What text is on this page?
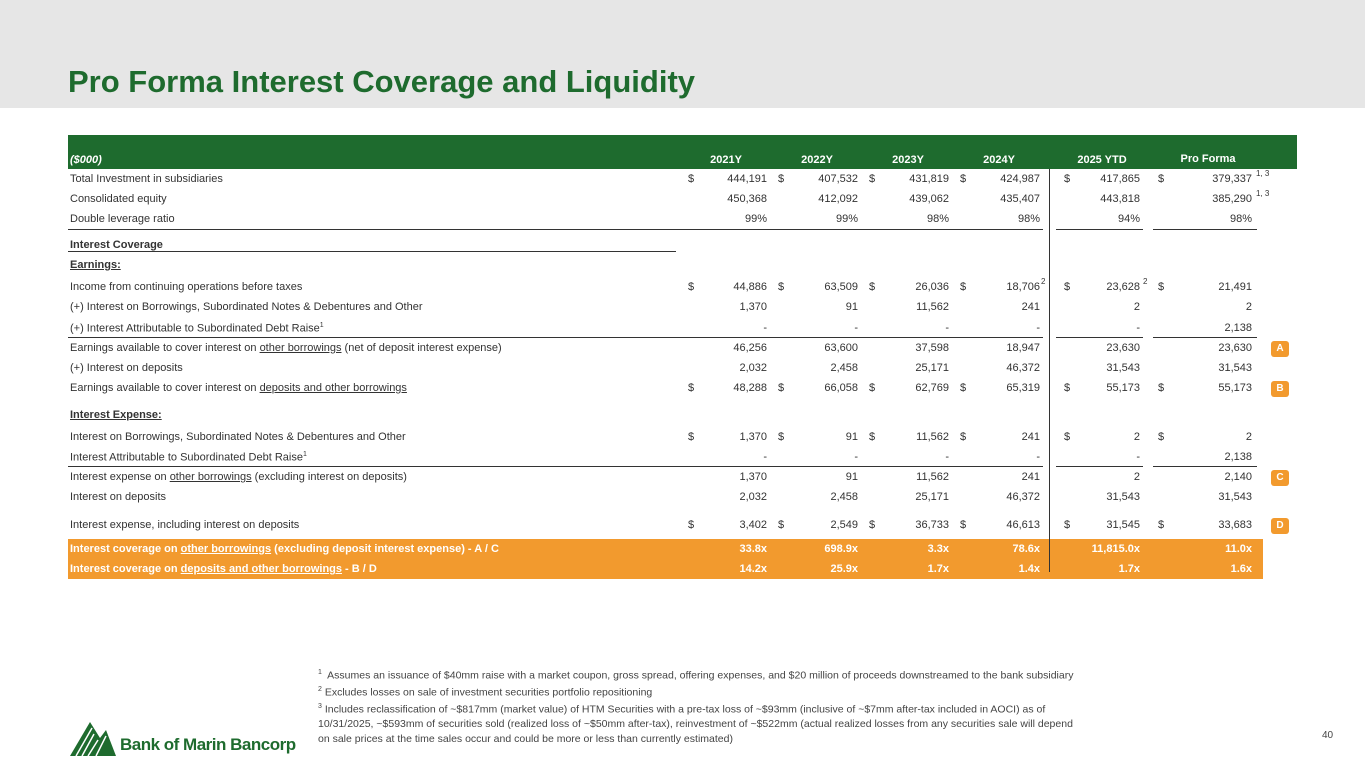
Pro Forma Interest Coverage and Liquidity
($000)	2021Y	2022Y	2023Y	2024Y	2025 YTD	Pro Forma
Total Investment in subsidiaries	$	444,191 $	407,532 $	431,819 $	424,987 $	417,865 $	379,337 1, 3
Consolidated equity	450,368	412,092	439,062	435,407	443,818	385,290 1, 3
Double leverage ratio	99%	99%	98%	98%	94%	98%
Interest Coverage
Earnings:
Income from continuing operations before taxes	$	44,886 $	63,509 $	26,036 $	18,706 $	23,628 $	21,491
2	2
(+) Interest on Borrowings, Subordinated Notes & Debentures and Other	1,370	91	11,562	241	2	2
(+) Interest Attributable to Subordinated Debt Raise$^1$	-	-	-	-	-	2,138
Earnings available to cover interest on other borrowings (net of deposit interest expense)	46,256	63,600	37,598	18,947	23,630	23,630	A
(+) Interest on deposits	2,032	2,458	25,171	46,372	31,543	31,543
Earnings available to cover interest on deposits and other borrowings	$	48,288 $	66,058 $	62,769 $	65,319 $	55,173 $	55,173	B
Interest Expense:
Interest on Borrowings, Subordinated Notes & Debentures and Other	$	1,370 $	91 $	11,562 $	241 $	2 $	2
Interest Attributable to Subordinated Debt Raise$^1$	-	-	-	-	-	2,138
Interest expense on other borrowings (excluding interest on deposits)	1,370	91	11,562	241	2	2,140	C
Interest on deposits	2,032	2,458	25,171	46,372	31,543	31,543
Interest expense, including interest on deposits	$	3,402 $	2,549 $	36,733 $	46,613 $	31,545 $	33,683	D
Interest coverage on other borrowings (excluding deposit interest expense) - A / C	33.8x	698.9x	3.3x	78.6x	11,815.0x	11.0x
Interest coverage on deposits and other borrowings - B / D	14.2x	25.9x	1.7x	1.4x	1.7x	1.6x
$^1$ Assumes an issuance of $40mm raise with a market coupon, gross spread, offering expenses, and $20 million of proceeds downstreamed to the bank subsidiary
$^2$ Excludes losses on sale of investment securities portfolio repositioning
$^3$ Includes reclassification of ~$817mm (market value) of HTM Securities with a pre-tax loss of ~$93mm (inclusive of ~$7mm after-tax included in AOCI) as of 10/31/2025, ~$593mm of securities sold (realized loss of ~$50mm after-tax), reinvestment of ~$522mm (actual realized losses from any securities sale will depend on sale prices at the time sales occur and could be more or less than currently estimated)
Bank of Marin Bancorp	40
